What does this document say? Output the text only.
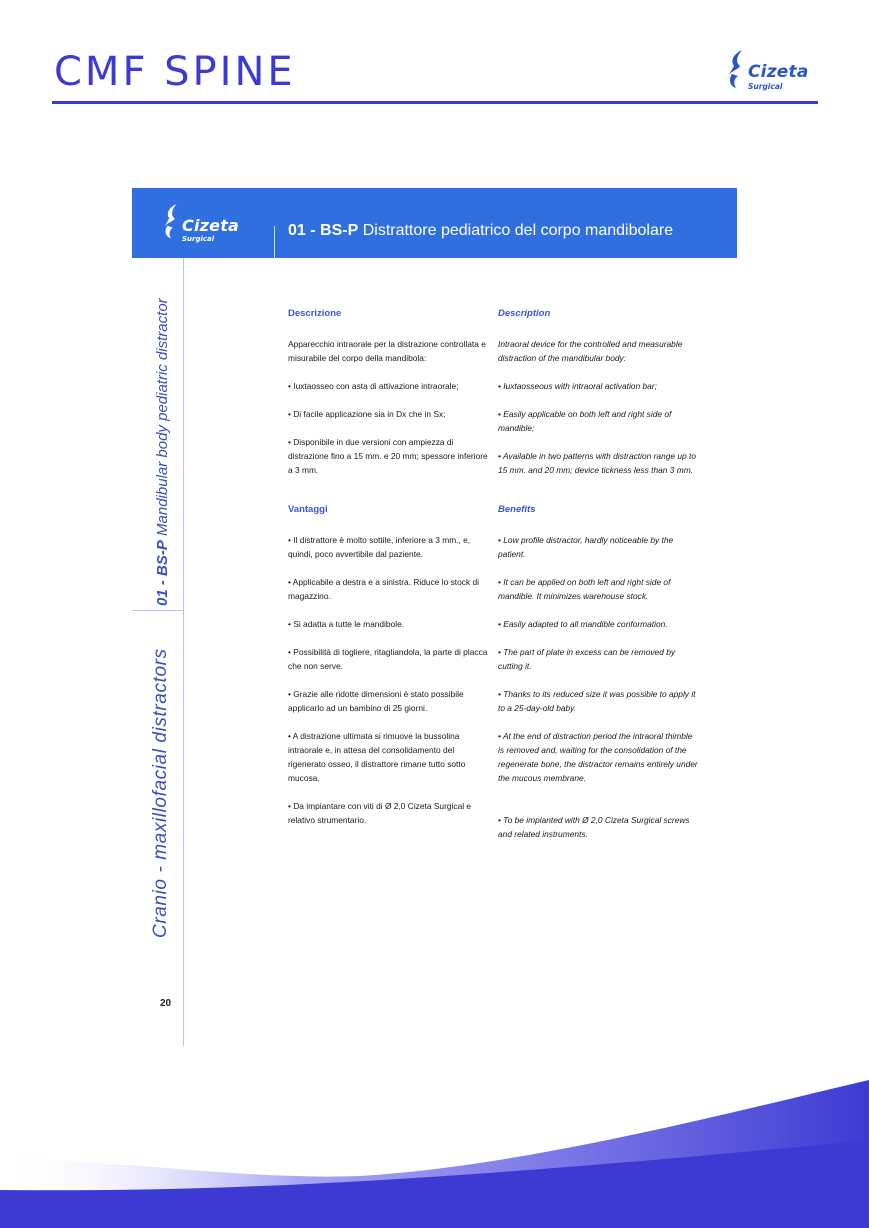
CMF SPINE	Cizeta
Surgical
Cizeta
Surgical	01 - BS-P Distrattore pediatrico del corpo mandibolare
01 - BS-P Mandibular body pediatric distractor
Cranio - maxillofacial distractors
20
Descrizione

Apparecchio intraorale per la distrazione controllata e misurabile del corpo della mandibola:

• Iuxtaosseo con asta di attivazione intraorale;

• Di facile applicazione sia in Dx che in Sx;

• Disponibile in due versioni con ampiezza di distrazione fino a 15 mm. e 20 mm; spessore inferiore a 3 mm.

Vantaggi

• Il distrattore è molto sottile, inferiore a 3 mm., e, quindi, poco avvertibile dal paziente.

• Applicabile a destra e a sinistra. Riduce lo stock di magazzino.

• Si adatta a tutte le mandibole.

• Possibilità di togliere, ritagliandola, la parte di placca che non serve.

• Grazie alle ridotte dimensioni è stato possibile applicarlo ad un bambino di 25 giorni.

• A distrazione ultimata si rimuove la bussolina intraorale e, in attesa del consolidamento del rigenerato osseo, il distrattore rimane tutto sotto mucosa.

• Da impiantare con viti di Ø 2,0 Cizeta Surgical e relativo strumentario.

Description

Intraoral device for the controlled and measurable distraction of the mandibular body:

• Iuxtaosseous with intraoral activation bar;

• Easily applicable on both left and right side of mandible;

• Available in two patterns with distraction range up to 15 mm. and 20 mm; device tickness less than 3 mm.

Benefits

• Low profile distractor, hardly noticeable by the patient.

• It can be applied on both left and right side of mandible. It minimizes warehouse stock.

• Easily adapted to all mandible conformation.

• The part of plate in excess can be removed by cutting it.

• Thanks to its reduced size it was possible to apply it to a 25-day-old baby.

• At the end of distraction period the intraoral thimble is removed and, waiting for the consolidation of the regenerate bone, the distractor remains entirely under the mucous membrane.

• To be implanted with Ø 2,0 Cizeta Surgical screws and related instruments.
